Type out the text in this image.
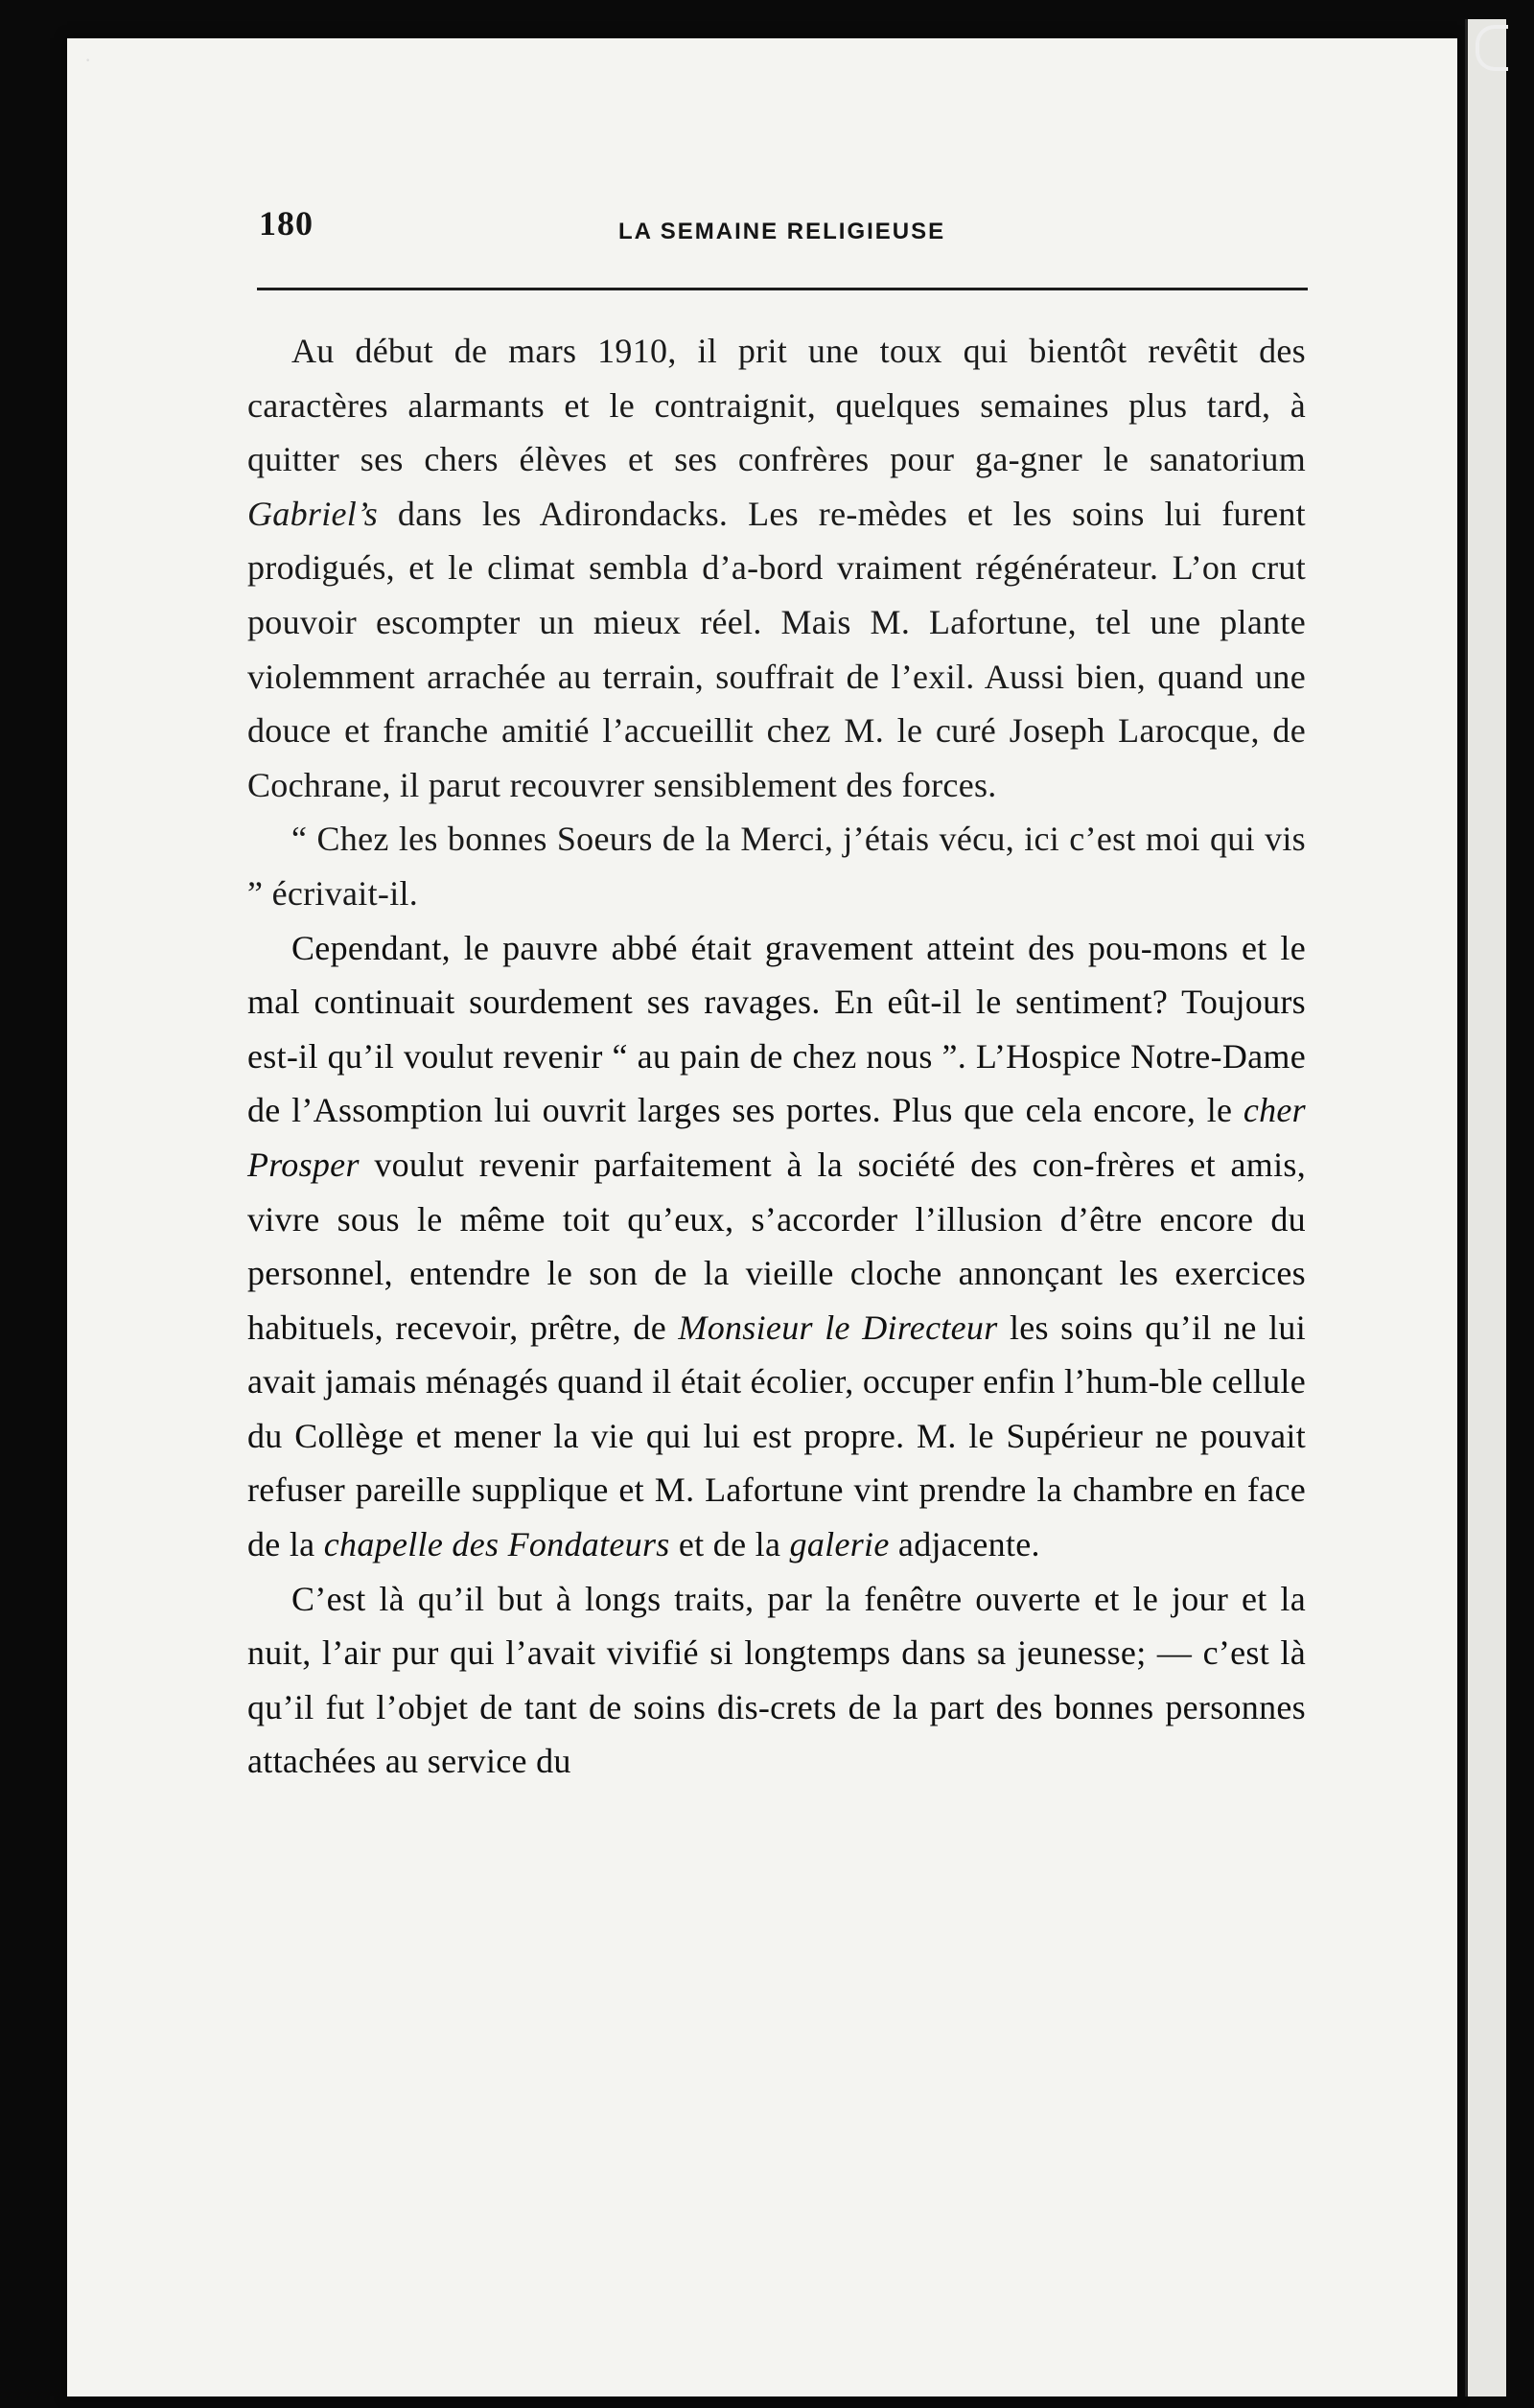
·
180	LA SEMAINE RELIGIEUSE

Au début de mars 1910, il prit une toux qui bientôt revêtit des caractères alarmants et le contraignit, quelques semaines plus tard, à quitter ses chers élèves et ses confrères pour ga-gner le sanatorium Gabriel’s dans les Adirondacks. Les re-mèdes et les soins lui furent prodigués, et le climat sembla d’a-bord vraiment régénérateur. L’on crut pouvoir escompter un mieux réel. Mais M. Lafortune, tel une plante violemment arrachée au terrain, souffrait de l’exil. Aussi bien, quand une douce et franche amitié l’accueillit chez M. le curé Joseph Larocque, de Cochrane, il parut recouvrer sensiblement des forces.

“ Chez les bonnes Soeurs de la Merci, j’étais vécu, ici c’est moi qui vis ” écrivait-il.

Cependant, le pauvre abbé était gravement atteint des pou-mons et le mal continuait sourdement ses ravages. En eût-il le sentiment? Toujours est-il qu’il voulut revenir “ au pain de chez nous ”. L’Hospice Notre-Dame de l’Assomption lui ouvrit larges ses portes. Plus que cela encore, le cher Prosper voulut revenir parfaitement à la société des con-frères et amis, vivre sous le même toit qu’eux, s’accorder l’illusion d’être encore du personnel, entendre le son de la vieille cloche annonçant les exercices habituels, recevoir, prêtre, de Monsieur le Directeur les soins qu’il ne lui avait jamais ménagés quand il était écolier, occuper enfin l’hum-ble cellule du Collège et mener la vie qui lui est propre. M. le Supérieur ne pouvait refuser pareille supplique et M. Lafortune vint prendre la chambre en face de la chapelle des Fondateurs et de la galerie adjacente.

C’est là qu’il but à longs traits, par la fenêtre ouverte et le jour et la nuit, l’air pur qui l’avait vivifié si longtemps dans sa jeunesse; — c’est là qu’il fut l’objet de tant de soins dis-crets de la part des bonnes personnes attachées au service du
